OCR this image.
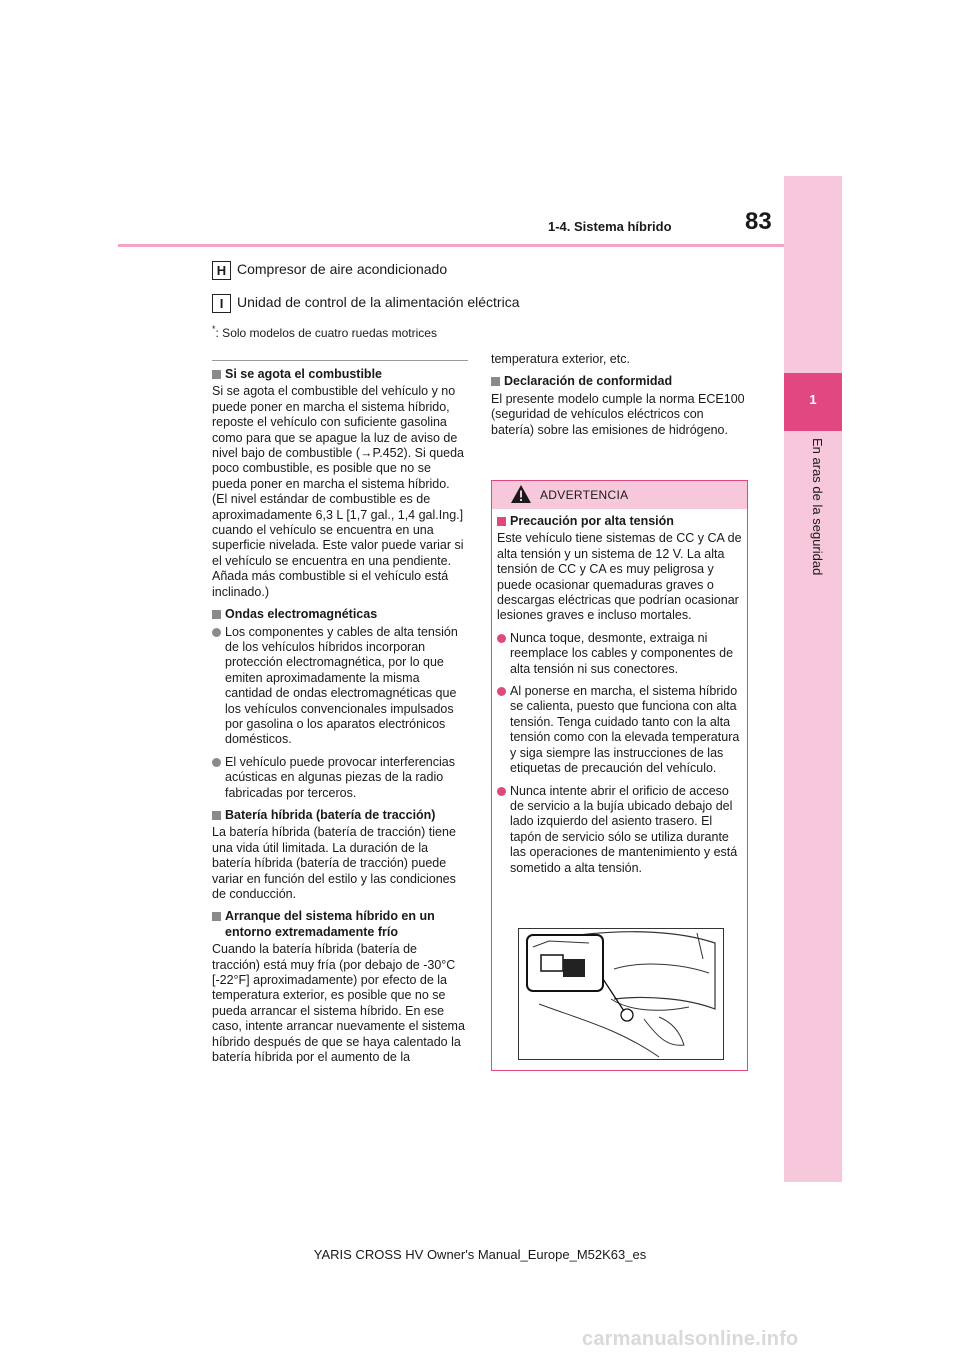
1
En aras de la seguridad
1-4. Sistema híbrido	83
H Compresor de aire acondicionado
I Unidad de control de la alimentación eléctrica
*: Solo modelos de cuatro ruedas motrices

Si se agota el combustible

Si se agota el combustible del vehículo y no puede poner en marcha el sistema híbrido, reposte el vehículo con suficiente gasolina como para que se apague la luz de aviso de nivel bajo de combustible (→P.452). Si queda poco combustible, es posible que no se pueda poner en marcha el sistema híbrido. (El nivel estándar de combustible es de aproximadamente 6,3 L [1,7 gal., 1,4 gal.Ing.] cuando el vehículo se encuentra en una superficie nivelada. Este valor puede variar si el vehículo se encuentra en una pendiente. Añada más combustible si el vehículo está inclinado.)

Ondas electromagnéticas

Los componentes y cables de alta tensión de los vehículos híbridos incorporan protección electromagnética, por lo que emiten aproximadamente la misma cantidad de ondas electromagnéticas que los vehículos convencionales impulsados por gasolina o los aparatos electrónicos domésticos.

El vehículo puede provocar interferencias acústicas en algunas piezas de la radio fabricadas por terceros.

Batería híbrida (batería de tracción)

La batería híbrida (batería de tracción) tiene una vida útil limitada. La duración de la batería híbrida (batería de tracción) puede variar en función del estilo y las condiciones de conducción.

Arranque del sistema híbrido en un entorno extremadamente frío

Cuando la batería híbrida (batería de tracción) está muy fría (por debajo de -30°C [-22°F] aproximadamente) por efecto de la temperatura exterior, es posible que no se pueda arrancar el sistema híbrido. En ese caso, intente arrancar nuevamente el sistema híbrido después de que se haya calentado la batería híbrida por el aumento de la

temperatura exterior, etc.

Declaración de conformidad

El presente modelo cumple la norma ECE100 (seguridad de vehículos eléctricos con batería) sobre las emisiones de hidrógeno.

ADVERTENCIA

Precaución por alta tensión

Este vehículo tiene sistemas de CC y CA de alta tensión y un sistema de 12 V. La alta tensión de CC y CA es muy peligrosa y puede ocasionar quemaduras graves o descargas eléctricas que podrían ocasionar lesiones graves e incluso mortales.

Nunca toque, desmonte, extraiga ni reemplace los cables y componentes de alta tensión ni sus conectores.

Al ponerse en marcha, el sistema híbrido se calienta, puesto que funciona con alta tensión. Tenga cuidado tanto con la alta tensión como con la elevada temperatura y siga siempre las instrucciones de las etiquetas de precaución del vehículo.

Nunca intente abrir el orificio de acceso de servicio a la bujía ubicado debajo del lado izquierdo del asiento trasero. El tapón de servicio sólo se utiliza durante las operaciones de mantenimiento y está sometido a alta tensión.

YARIS CROSS HV Owner's Manual_Europe_M52K63_es
carmanualsonline.info
